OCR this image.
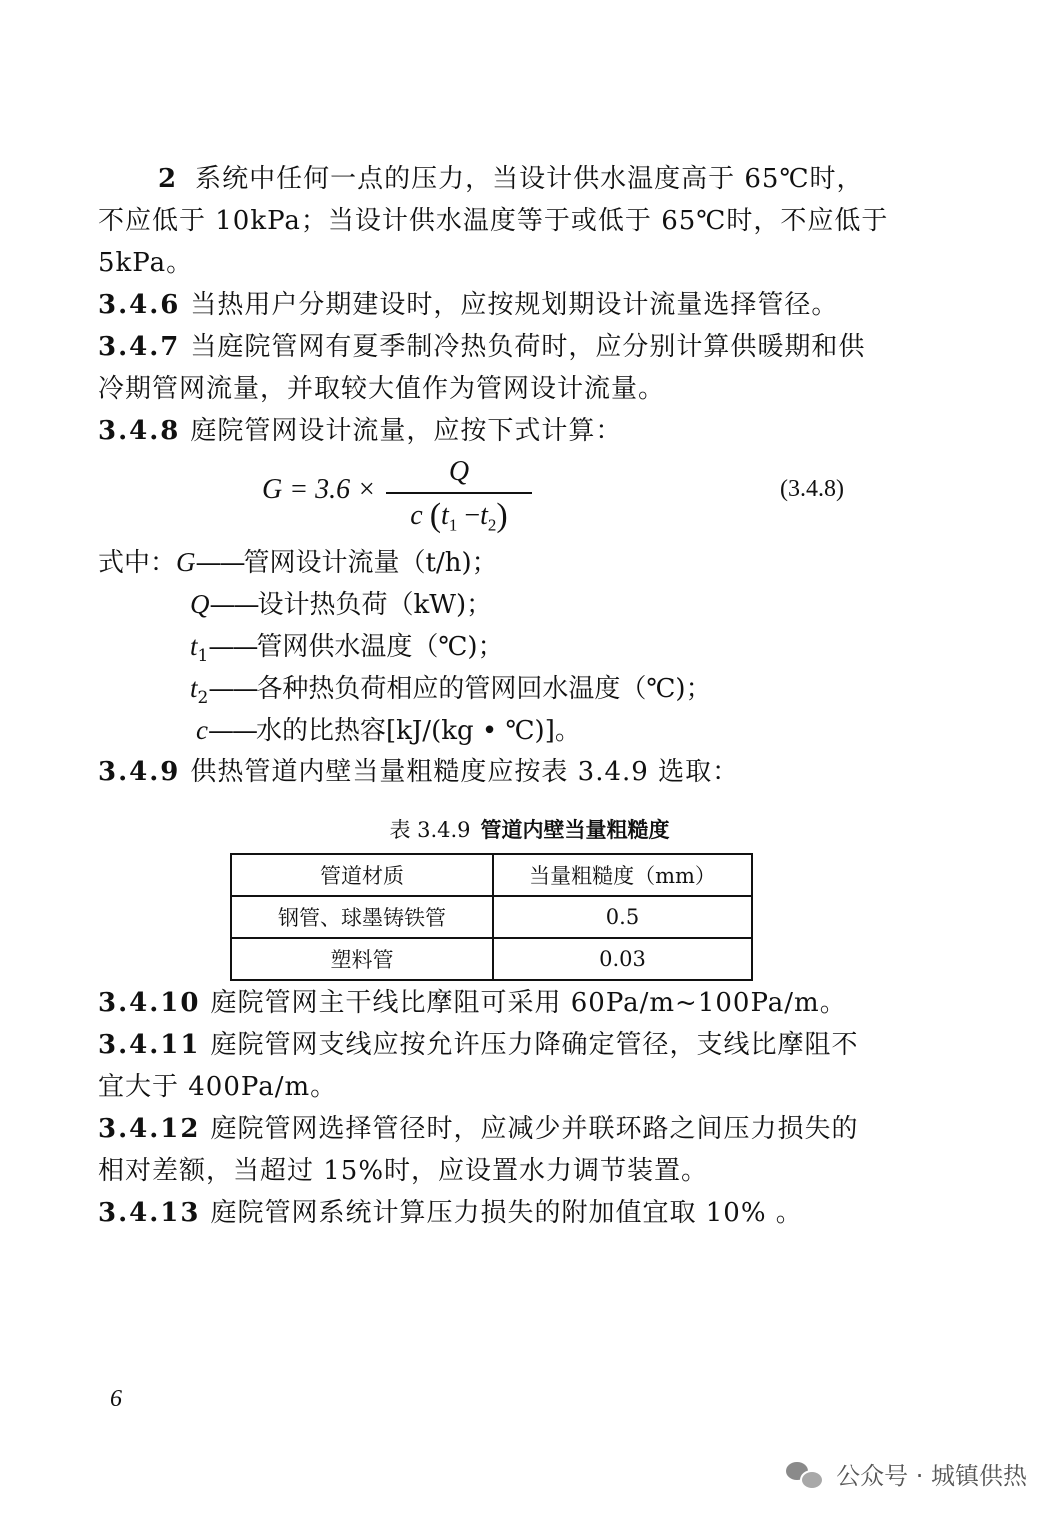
2 系统中任何一点的压力，当设计供水温度高于 65℃时，
不应低于 10kPa；当设计供水温度等于或低于 65℃时，不应低于
5kPa。
3.4.6 当热用户分期建设时，应按规划期设计流量选择管径。
3.4.7 当庭院管网有夏季制冷热负荷时，应分别计算供暖期和供
冷期管网流量，并取较大值作为管网设计流量。
3.4.8 庭院管网设计流量，应按下式计算：
G = 3.6 ×
Q
c $(t_1 -t_2)$
(3.4.8)
式中：G——管网设计流量（t/h)；
Q——设计热负荷（kW)；
$t_1——$管网供水温度（℃)；
$t_2——$各种热负荷相应的管网回水温度（℃)；
c——水的比热容[kJ/(kg • ℃)]。
3.4.9 供热管道内壁当量粗糙度应按表 3.4.9 选取：
表 3.4.9 管道内壁当量粗糙度
管道材质	当量粗糙度（mm）
钢管、球墨铸铁管	0.5
塑料管	0.03
3.4.10 庭院管网主干线比摩阻可采用 60Pa/m~100Pa/m。
3.4.11 庭院管网支线应按允许压力降确定管径，支线比摩阻不
宜大于 400Pa/m。
3.4.12 庭院管网选择管径时，应减少并联环路之间压力损失的
相对差额，当超过 15%时，应设置水力调节装置。
3.4.13 庭院管网系统计算压力损失的附加值宜取 10% 。
6
公众号 · 城镇供热
